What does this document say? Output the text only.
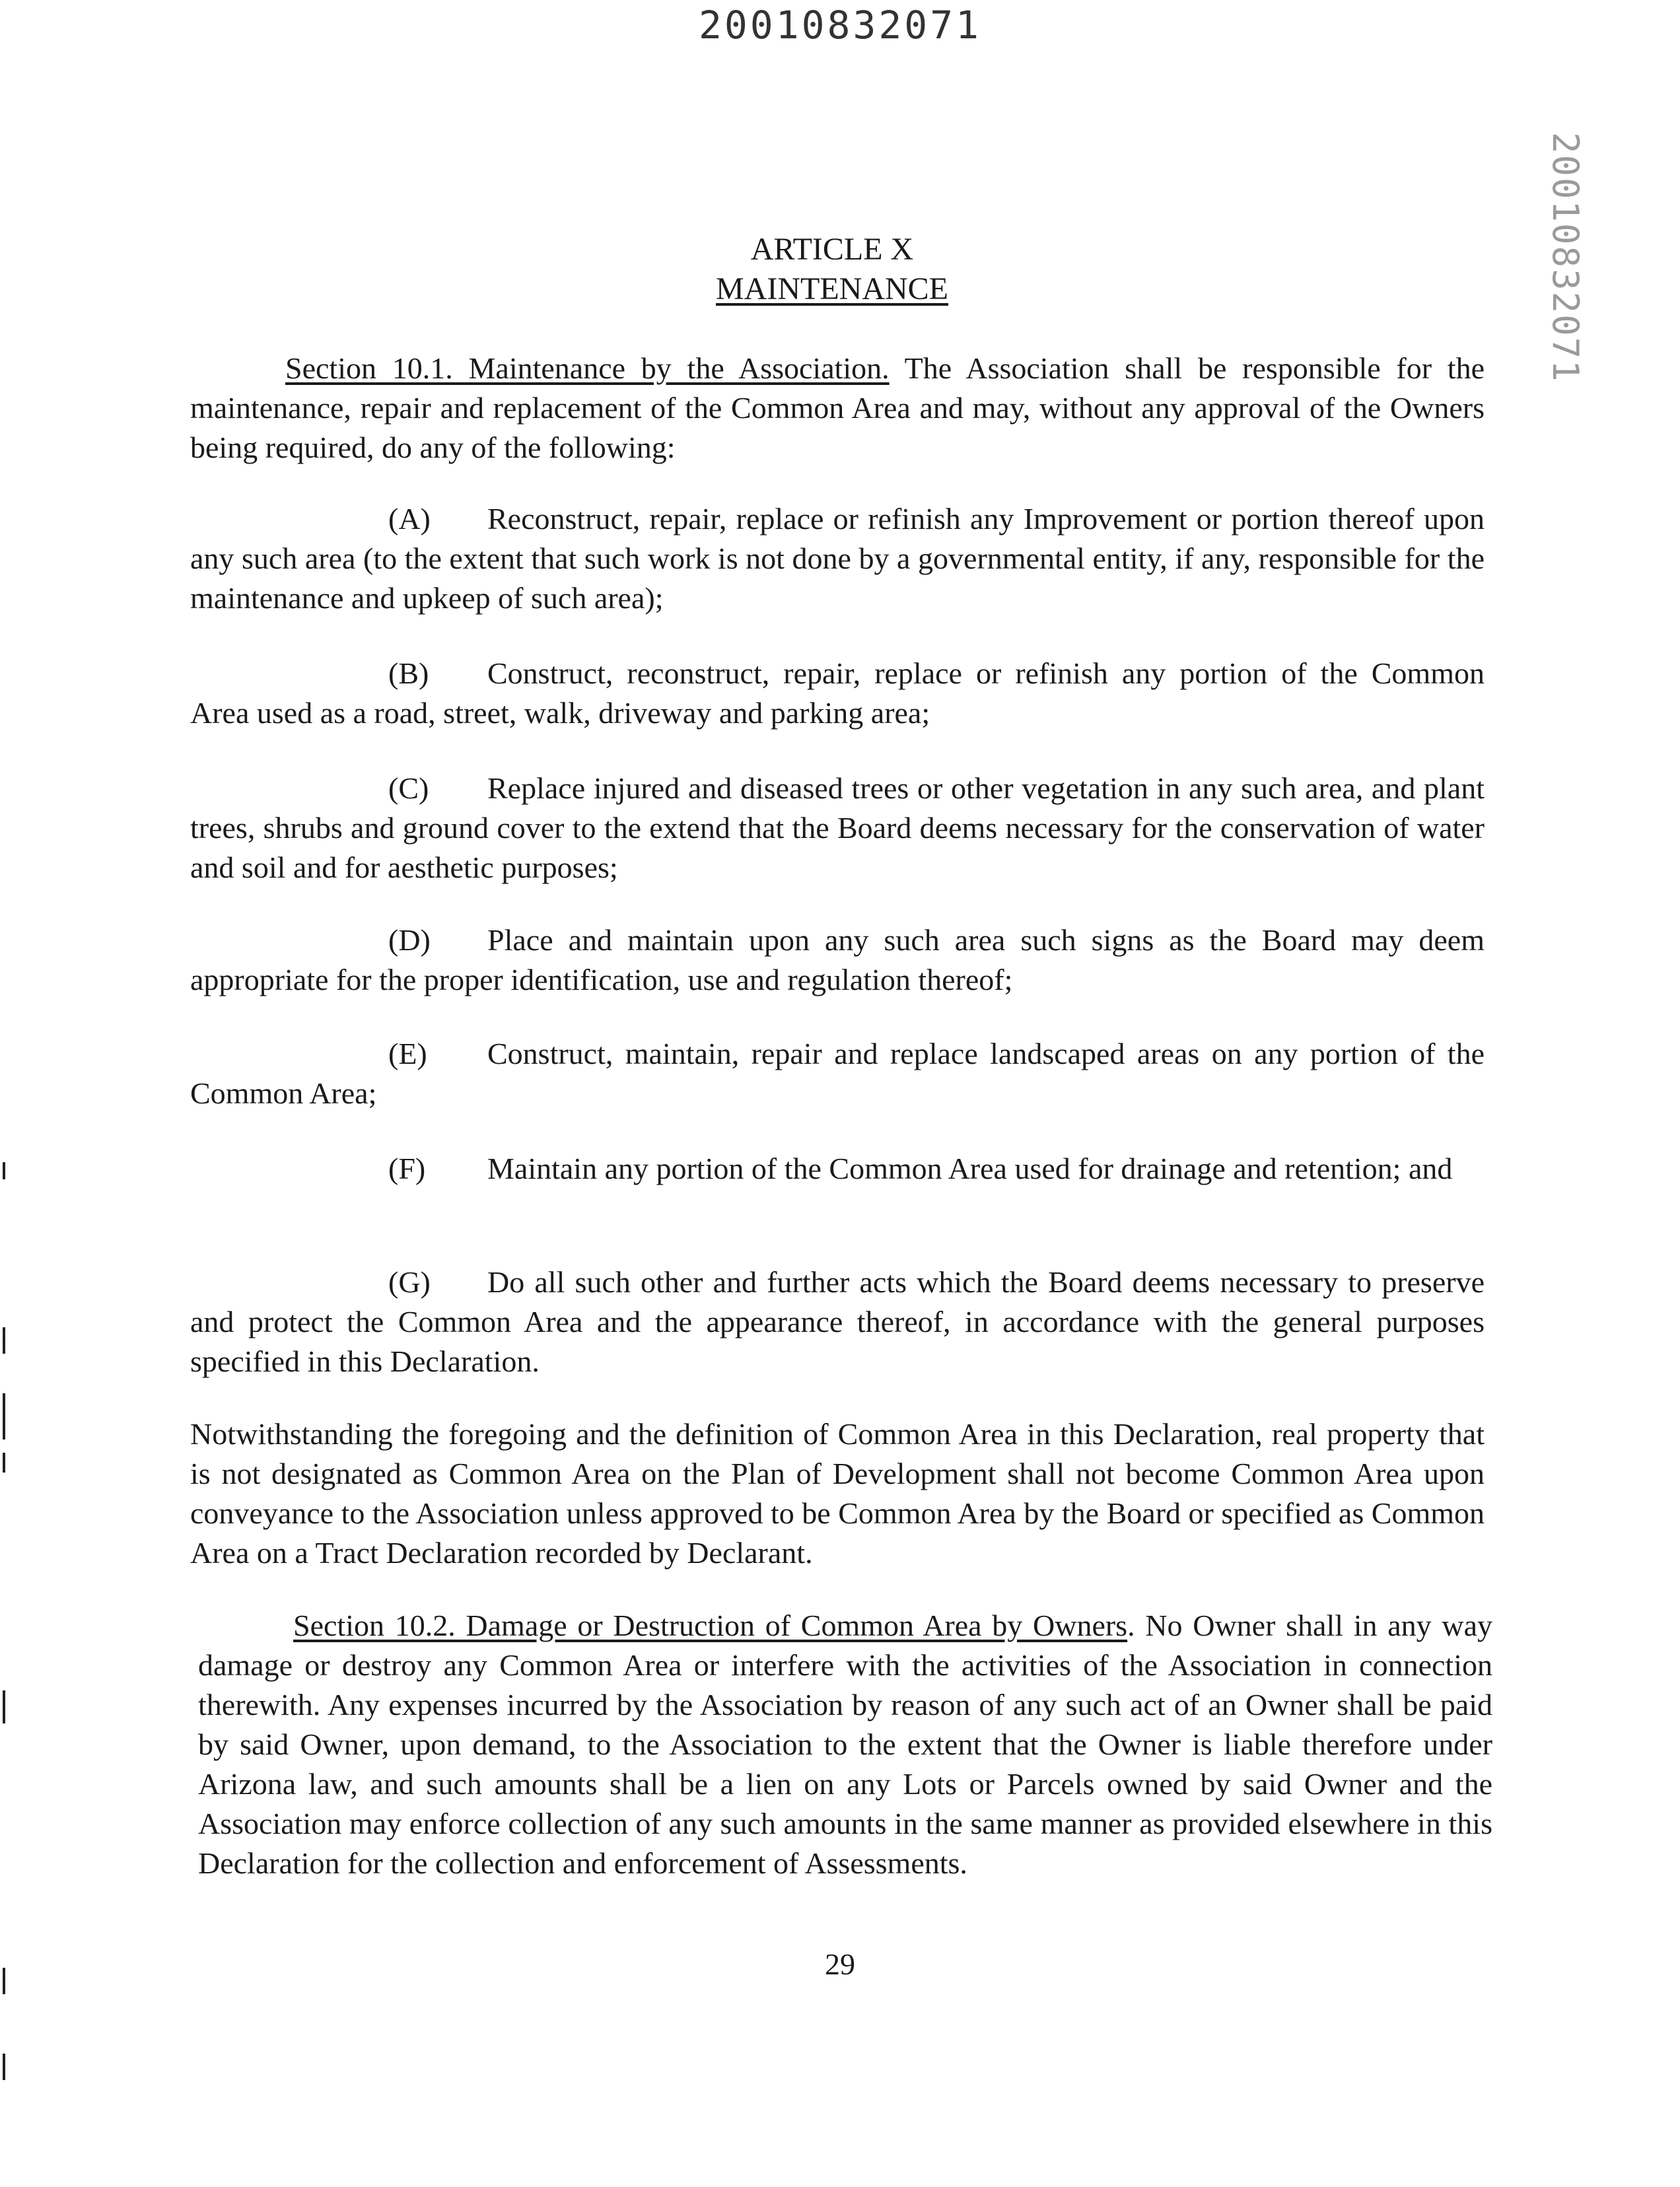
20010832071
20010832071
ARTICLE X
MAINTENANCE

Section 10.1. Maintenance by the Association. The Association shall be responsible for the maintenance, repair and replacement of the Common Area and may, without any approval of the Owners being required, do any of the following:

(A) Reconstruct, repair, replace or refinish any Improvement or portion thereof upon any such area (to the extent that such work is not done by a governmental entity, if any, responsible for the maintenance and upkeep of such area);

(B) Construct, reconstruct, repair, replace or refinish any portion of the Common Area used as a road, street, walk, driveway and parking area;

(C) Replace injured and diseased trees or other vegetation in any such area, and plant trees, shrubs and ground cover to the extend that the Board deems necessary for the conservation of water and soil and for aesthetic purposes;

(D) Place and maintain upon any such area such signs as the Board may deem appropriate for the proper identification, use and regulation thereof;

(E) Construct, maintain, repair and replace landscaped areas on any portion of the Common Area;

(F) Maintain any portion of the Common Area used for drainage and retention; and

(G) Do all such other and further acts which the Board deems necessary to preserve and protect the Common Area and the appearance thereof, in accordance with the general purposes specified in this Declaration.

Notwithstanding the foregoing and the definition of Common Area in this Declaration, real property that is not designated as Common Area on the Plan of Development shall not become Common Area upon conveyance to the Association unless approved to be Common Area by the Board or specified as Common Area on a Tract Declaration recorded by Declarant.

Section 10.2. Damage or Destruction of Common Area by Owners. No Owner shall in any way damage or destroy any Common Area or interfere with the activities of the Association in connection therewith. Any expenses incurred by the Association by reason of any such act of an Owner shall be paid by said Owner, upon demand, to the Association to the extent that the Owner is liable therefore under Arizona law, and such amounts shall be a lien on any Lots or Parcels owned by said Owner and the Association may enforce collection of any such amounts in the same manner as provided elsewhere in this Declaration for the collection and enforcement of Assessments.

29
